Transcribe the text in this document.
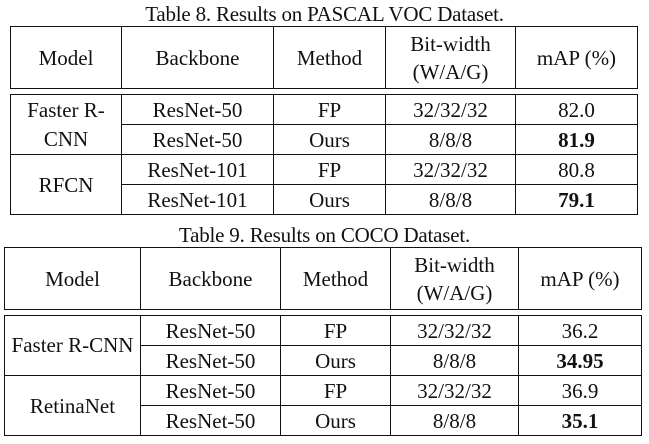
Table 8. Results on PASCAL VOC Dataset.
Model	Backbone	Method	Bit-width (W/A/G)	mAP (%)

Faster R-CNN	ResNet-50	FP	32/32/32	82.0
	ResNet-50	Ours	8/8/8	81.9
RFCN	ResNet-101	FP	32/32/32	80.8
	ResNet-101	Ours	8/8/8	79.1
Table 9. Results on COCO Dataset.
Model	Backbone	Method	Bit-width (W/A/G)	mAP (%)

Faster R-CNN	ResNet-50	FP	32/32/32	36.2
	ResNet-50	Ours	8/8/8	34.95
RetinaNet	ResNet-50	FP	32/32/32	36.9
	ResNet-50	Ours	8/8/8	35.1
